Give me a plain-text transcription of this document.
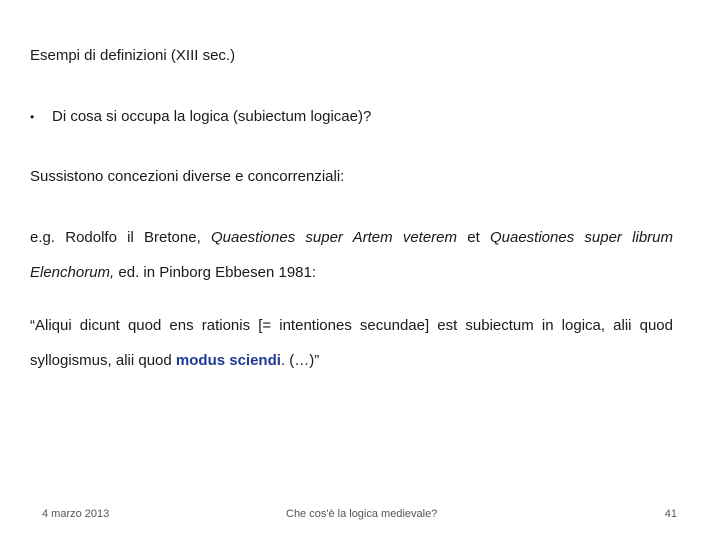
Esempi di definizioni (XIII sec.)
• Di cosa si occupa la logica (subiectum logicae)?
Sussistono concezioni diverse e concorrenziali:
e.g. Rodolfo il Bretone, Quaestiones super Artem veterem et Quaestiones super librum Elenchorum, ed. in Pinborg Ebbesen 1981:
“Aliqui dicunt quod ens rationis [= intentiones secundae] est subiectum in logica, alii quod syllogismus, alii quod modus sciendi. (…)”
4 marzo 2013	Che cos'è la logica medievale?	41
